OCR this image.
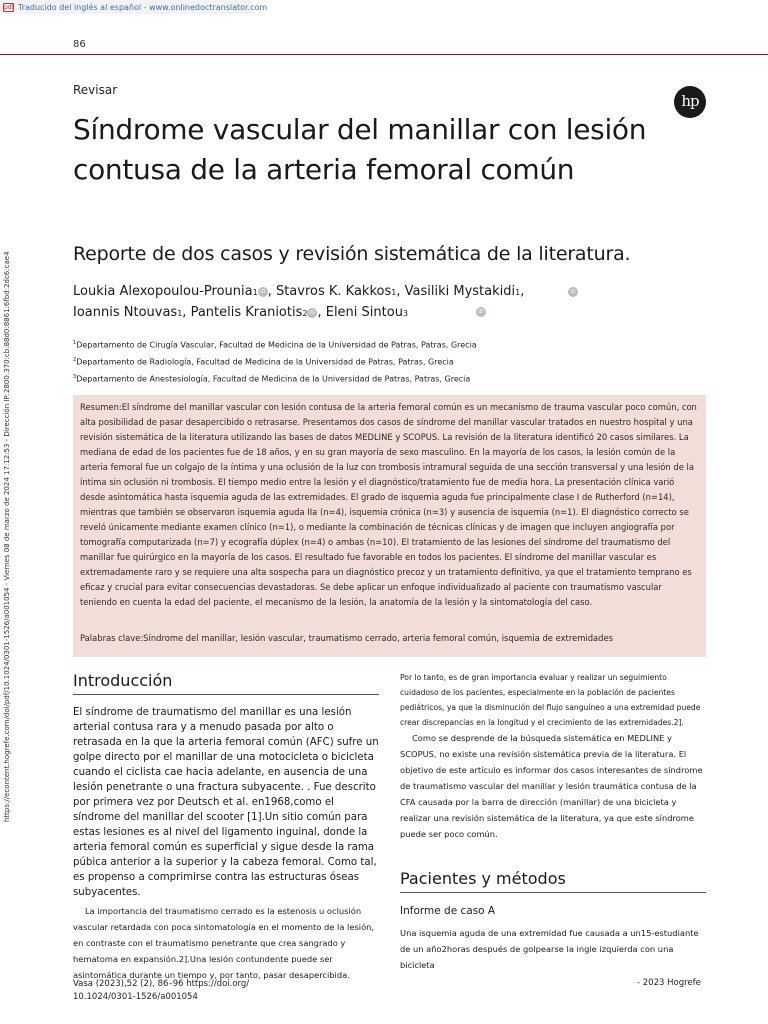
pdf Traducido del inglés al español - www.onlinedoctranslator.com
86
Revisar
hp
Síndrome vascular del manillar con lesión contusa de la arteria femoral común
Reporte de dos casos y revisión sistemática de la literatura.
Loukia Alexopoulou-Prounia1 iD , Stavros K. Kakkos1, Vasiliki Mystakidi1,
Ioannis Ntouvas1, Pantelis Kraniotis2 iD , Eleni Sintou3
iD
iD
$^1$Departamento de Cirugía Vascular, Facultad de Medicina de la Universidad de Patras, Patras, Grecia
$^2$Departamento de Radiología, Facultad de Medicina de la Universidad de Patras, Patras, Grecia
$^3$Departamento de Anestesiología, Facultad de Medicina de la Universidad de Patras, Patras, Grecia
https://econtent.hogrefe.com/doi/pdf/10.1024/0301-1526/a001054 - Viernes 08 de marzo de 2024 17:12:53 - Dirección IP:2800:370:cb:88d0:8861:6fbd:2dc6:cae4	Resumen:El síndrome del manillar vascular con lesión contusa de la arteria femoral común es un mecanismo de trauma vascular poco común, con alta posibilidad de pasar desapercibido o retrasarse. Presentamos dos casos de síndrome del manillar vascular tratados en nuestro hospital y una revisión sistemática de la literatura utilizando las bases de datos MEDLINE y SCOPUS. La revisión de la literatura identificó 20 casos similares. La mediana de edad de los pacientes fue de 18 años, y en su gran mayoría de sexo masculino. En la mayoría de los casos, la lesión común de la arteria femoral fue un colgajo de la íntima y una oclusión de la luz con trombosis intramural seguida de una sección transversal y una lesión de la íntima sin oclusión ni trombosis. El tiempo medio entre la lesión y el diagnóstico/tratamiento fue de media hora. La presentación clínica varió desde asintomática hasta isquemia aguda de las extremidades. El grado de isquemia aguda fue principalmente clase I de Rutherford (n=14), mientras que también se observaron isquemia aguda IIa (n=4), isquemia crónica (n=3) y ausencia de isquemia (n=1). El diagnóstico correcto se reveló únicamente mediante examen clínico (n=1), o mediante la combinación de técnicas clínicas y de imagen que incluyen angiografía por tomografía computarizada (n=7) y ecografía dúplex (n=4) o ambas (n=10). El tratamiento de las lesiones del síndrome del traumatismo del manillar fue quirúrgico en la mayoría de los casos. El resultado fue favorable en todos los pacientes. El síndrome del manillar vascular es extremadamente raro y se requiere una alta sospecha para un diagnóstico precoz y un tratamiento definitivo, ya que el tratamiento temprano es eficaz y crucial para evitar consecuencias devastadoras. Se debe aplicar un enfoque individualizado al paciente con traumatismo vascular teniendo en cuenta la edad del paciente, el mecanismo de la lesión, la anatomía de la lesión y la sintomatología del caso.

Palabras clave:Síndrome del manillar, lesión vascular, traumatismo cerrado, arteria femoral común, isquemia de extremidades

Introducción

El síndrome de traumatismo del manillar es una lesión arterial contusa rara y a menudo pasada por alto o retrasada en la que la arteria femoral común (AFC) sufre un golpe directo por el manillar de una motocicleta o bicicleta cuando el ciclista cae hacia adelante, en ausencia de una lesión penetrante o una fractura subyacente. . Fue descrito por primera vez por Deutsch et al. en1968,como el síndrome del manillar del scooter [1].Un sitio común para estas lesiones es al nivel del ligamento inguinal, donde la arteria femoral común es superficial y sigue desde la rama púbica anterior a la superior y la cabeza femoral. Como tal, es propenso a comprimirse contra las estructuras óseas subyacentes.

La importancia del traumatismo cerrado es la estenosis u oclusión vascular retardada con poca sintomatología en el momento de la lesión, en contraste con el traumatismo penetrante que crea sangrado y hematoma en expansión.2].Una lesión contundente puede ser asintomática durante un tiempo y, por tanto, pasar desapercibida.

Por lo tanto, es de gran importancia evaluar y realizar un seguimiento cuidadoso de los pacientes, especialmente en la población de pacientes pediátricos, ya que la disminución del flujo sanguíneo a una extremidad puede crear discrepancias en la longitud y el crecimiento de las extremidades.2].

Como se desprende de la búsqueda sistemática en MEDLINE y SCOPUS, no existe una revisión sistemática previa de la literatura. El objetivo de este artículo es informar dos casos interesantes de síndrome de traumatismo vascular del manillar y lesión traumática contusa de la CFA causada por la barra de dirección (manillar) de una bicicleta y realizar una revisión sistemática de la literatura, ya que este síndrome puede ser poco común.

Pacientes y métodos
Informe de caso A

Una isquemia aguda de una extremidad fue causada a un15-estudiante de un año2horas después de golpearse la ingle izquierda con una bicicleta

Vasa (2023),52 (2), 86–96 https://doi.org/
10.1024/0301-1526/a001054
- 2023 Hogrefe
